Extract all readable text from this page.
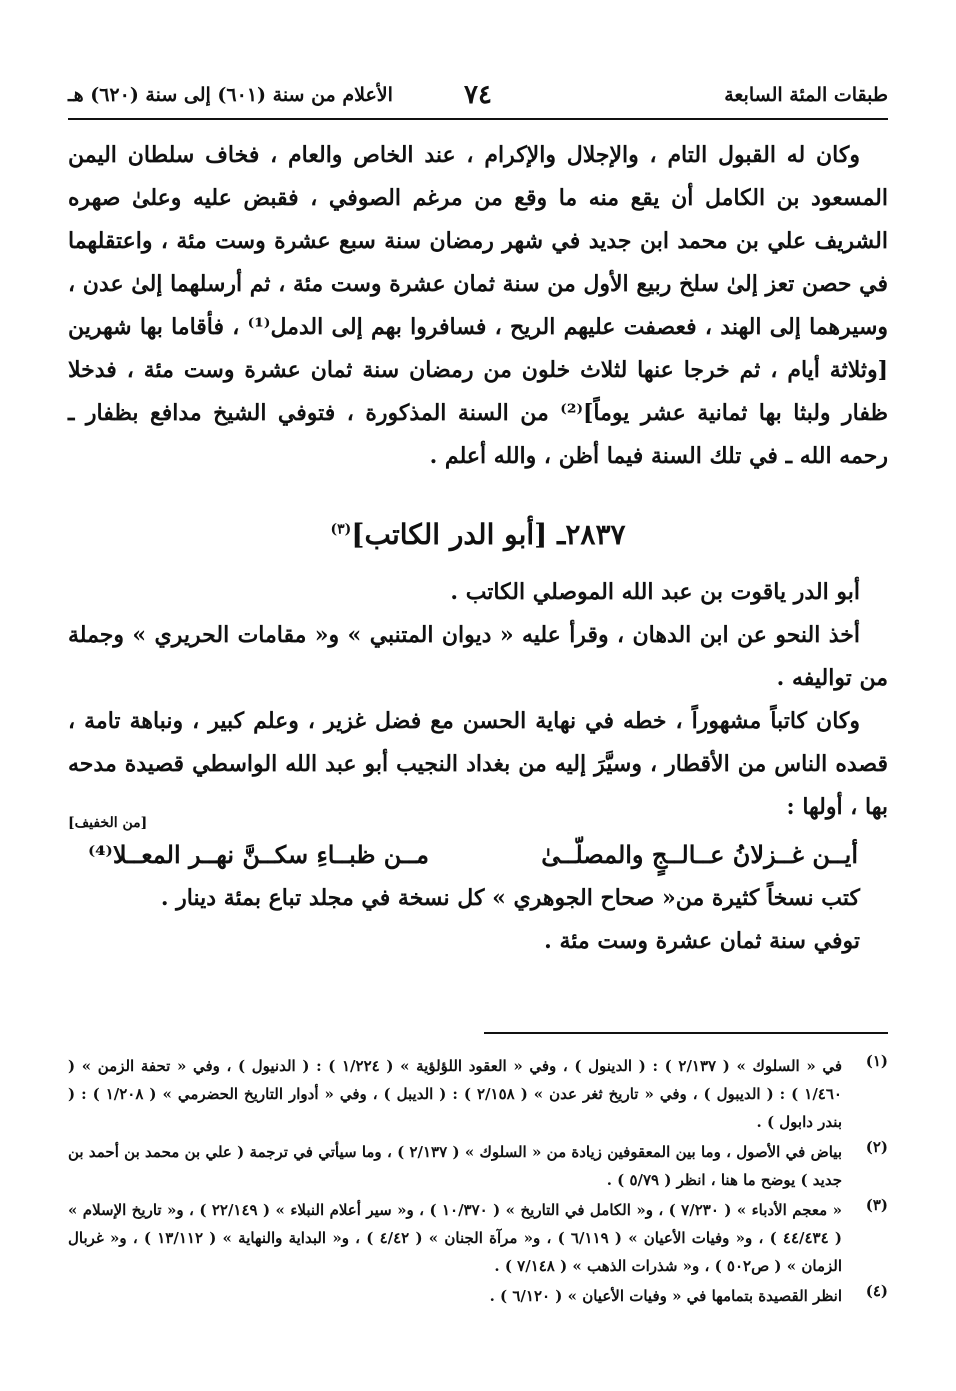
طبقات المئة السابعة
٧٤
الأعلام من سنة (٦٠١) إلى سنة (٦٢٠) هـ

وكان له القبول التام ، والإجلال والإكرام ، عند الخاص والعام ، فخاف سلطان اليمن المسعود بن الكامل أن يقع منه ما وقع من مرغم الصوفي ، فقبض عليه وعلىٰ صهره الشريف علي بن محمد ابن جديد في شهر رمضان سنة سبع عشرة وست مئة ، واعتقلهما في حصن تعز إلىٰ سلخ ربيع الأول من سنة ثمان عشرة وست مئة ، ثم أرسلهما إلىٰ عدن ، وسيرهما إلى الهند ، فعصفت عليهم الريح ، فسافروا بهم إلى الدمل⁽¹⁾ ، فأقاما بها شهرين [وثلاثة أيام ، ثم خرجا عنها لثلاث خلون من رمضان سنة ثمان عشرة وست مئة ، فدخلا ظفار ولبثا بها ثمانية عشر يوماً]⁽²⁾ من السنة المذكورة ، فتوفي الشيخ مدافع بظفار ـ رحمه الله ـ في تلك السنة فيما أظن ، والله أعلم .

٢٨٣٧ـ [أبو الدر الكاتب]$^{(٣)}$

أبو الدر ياقوت بن عبد الله الموصلي الكاتب .

أخذ النحو عن ابن الدهان ، وقرأ عليه « ديوان المتنبي » و« مقامات الحريري » وجملة من تواليفه .

وكان كاتباً مشهوراً ، خطه في نهاية الحسن مع فضل غزير ، وعلم كبير ، ونباهة تامة ، قصده الناس من الأقطار ، وسيَّرَ إليه من بغداد النجيب أبو عبد الله الواسطي قصيدة مدحه بها ، أولها :

[من الخفيف]
أيــن غــزلانُ عــالــجٍ والمصلّــىٰ
مــن ظبــاءِ سكــنَّ نهــر المعــلا⁽⁴⁾

كتب نسخاً كثيرة من« صحاح الجوهري » كل نسخة في مجلد تباع بمئة دينار .

توفي سنة ثمان عشرة وست مئة .

(١)
في « السلوك » ( ٢/١٣٧ ) : ( الدينول ) ، وفي « العقود اللؤلؤية » ( ١/٢٢٤ ) : ( الدنيول ) ، وفي « تحفة الزمن » ( ١/٤٦٠ ) : ( الديبول ) ، وفي « تاريخ ثغر عدن » ( ٢/١٥٨ ) : ( الديبل ) ، وفي « أدوار التاريخ الحضرمي » ( ١/٢٠٨ ) : ( بندر دابول ) .
(٢)
بياض في الأصول ، وما بين المعقوفين زيادة من « السلوك » ( ٢/١٣٧ ) ، وما سيأتي في ترجمة ( علي بن محمد بن أحمد بن جديد ) يوضح ما هنا ، انظر ( ٥/٧٩ ) .
(٣)
« معجم الأدباء » ( ٧/٢٣٠ ) ، و« الكامل في التاريخ » ( ١٠/٣٧٠ ) ، و« سير أعلام النبلاء » ( ٢٢/١٤٩ ) ، و« تاريخ الإسلام » ( ٤٤/٤٣٤ ) ، و« وفيات الأعيان » ( ٦/١١٩ ) ، و« مرآة الجنان » ( ٤/٤٢ ) ، و« البداية والنهاية » ( ١٣/١١٢ ) ، و« غربال الزمان » ( ص٥٠٢ ) ، و« شذرات الذهب » ( ٧/١٤٨ ) .
(٤)
انظر القصيدة بتمامها في « وفيات الأعيان » ( ٦/١٢٠ ) .
